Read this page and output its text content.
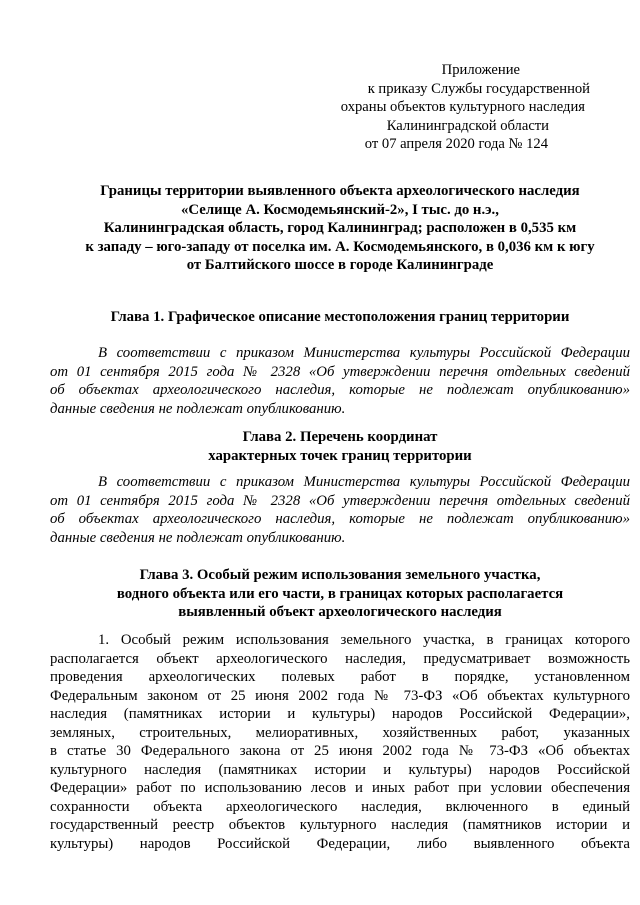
Приложение
к приказу Службы государственной
охраны объектов культурного наследия
Калининградской области
от 07 апреля 2020 года № 124
Границы территории выявленного объекта археологического наследия
«Селище А. Космодемьянский-2», I тыс. до н.э.,
Калининградская область, город Калининград; расположен в 0,535 км
к западу – юго-западу от поселка им. А. Космодемьянского, в 0,036 км к югу
от Балтийского шоссе в городе Калининграде
Глава 1. Графическое описание местоположения границ территории
В соответствии с приказом Министерства культуры Российской Федерации
от 01 сентября 2015 года № 2328 «Об утверждении перечня отдельных сведений
об объектах археологического наследия, которые не подлежат опубликованию»
данные сведения не подлежат опубликованию.
Глава 2. Перечень координат
характерных точек границ территории
В соответствии с приказом Министерства культуры Российской Федерации
от 01 сентября 2015 года № 2328 «Об утверждении перечня отдельных сведений
об объектах археологического наследия, которые не подлежат опубликованию»
данные сведения не подлежат опубликованию.
Глава 3. Особый режим использования земельного участка,
водного объекта или его части, в границах которых располагается
выявленный объект археологического наследия
1. Особый режим использования земельного участка, в границах которого
располагается объект археологического наследия, предусматривает возможность
проведения археологических полевых работ в порядке, установленном
Федеральным законом от 25 июня 2002 года № 73-ФЗ «Об объектах культурного
наследия (памятниках истории и культуры) народов Российской Федерации»,
земляных, строительных, мелиоративных, хозяйственных работ, указанных
в статье 30 Федерального закона от 25 июня 2002 года № 73-ФЗ «Об объектах
культурного наследия (памятниках истории и культуры) народов Российской
Федерации» работ по использованию лесов и иных работ при условии обеспечения
сохранности объекта археологического наследия, включенного в единый
государственный реестр объектов культурного наследия (памятников истории и
культуры) народов Российской Федерации, либо выявленного объекта
